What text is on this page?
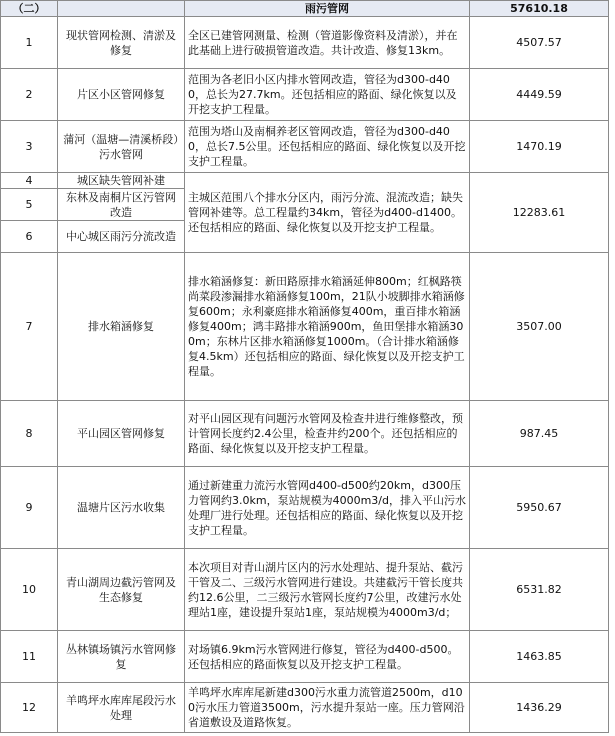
（二）		雨污管网	57610.18
1	现状管网检测、清淤及修复	全区已建管网测量、检测（管道影像资料及清淤），并在此基础上进行破损管道改造。共计改造、修复13km。	4507.57
2	片区小区管网修复	范围为各老旧小区内排水管网改造，管径为d300-d400，总长为27.7km。还包括相应的路面、绿化恢复以及开挖支护工程量。	4449.59
3	蒲河（温塘—清溪桥段）污水管网	范围为塔山及南桐养老区管网改造，管径为d300-d400，总长7.5公里。还包括相应的路面、绿化恢复以及开挖支护工程量。	1470.19
4	城区缺失管网补建	主城区范围八个排水分区内，雨污分流、混流改造；缺失管网补建等。总工程量约34km，管径为d400-d1400。还包括相应的路面、绿化恢复以及开挖支护工程量。	12283.61
5	东林及南桐片区污管网改造		
6	中心城区雨污分流改造		
7	排水箱涵修复	排水箱涵修复：新田路原排水箱涵延伸800m；红枫路筷尚菜段渗漏排水箱涵修复100m，21队小坡脚排水箱涵修复600m；永利豪庭排水箱涵修复400m，重百排水箱涵修复400m；鸿丰路排水箱涵900m，鱼田堡排水箱涵300m；东林片区排水箱涵修复1000m。（合计排水箱涵修复4.5km）还包括相应的路面、绿化恢复以及开挖支护工程量。	3507.00
8	平山园区管网修复	对平山园区现有问题污水管网及检查井进行维修整改，预计管网长度约2.4公里，检查井约200个。还包括相应的路面、绿化恢复以及开挖支护工程量。	987.45
9	温塘片区污水收集	通过新建重力流污水管网d400-d500约20km，d300压力管网约3.0km，泵站规模为4000m3/d，排入平山污水处理厂进行处理。还包括相应的路面、绿化恢复以及开挖支护工程量。	5950.67
10	青山湖周边截污管网及生态修复	本次项目对青山湖片区内的污水处理站、提升泵站、截污干管及二、三级污水管网进行建设。共建截污干管长度共约12.6公里，二三级污水管网长度约7公里，改建污水处理站1座，建设提升泵站1座，泵站规模为4000m3/d；	6531.82
11	丛林镇场镇污水管网修复	对场镇6.9km污水管网进行修复，管径为d400-d500。还包括相应的路面恢复以及开挖支护工程量。	1463.85
12	羊鸣坪水库库尾段污水处理	羊鸣坪水库库尾新建d300污水重力流管道2500m，d100污水压力管道3500m，污水提升泵站一座。压力管网沿省道敷设及道路恢复。	1436.29
